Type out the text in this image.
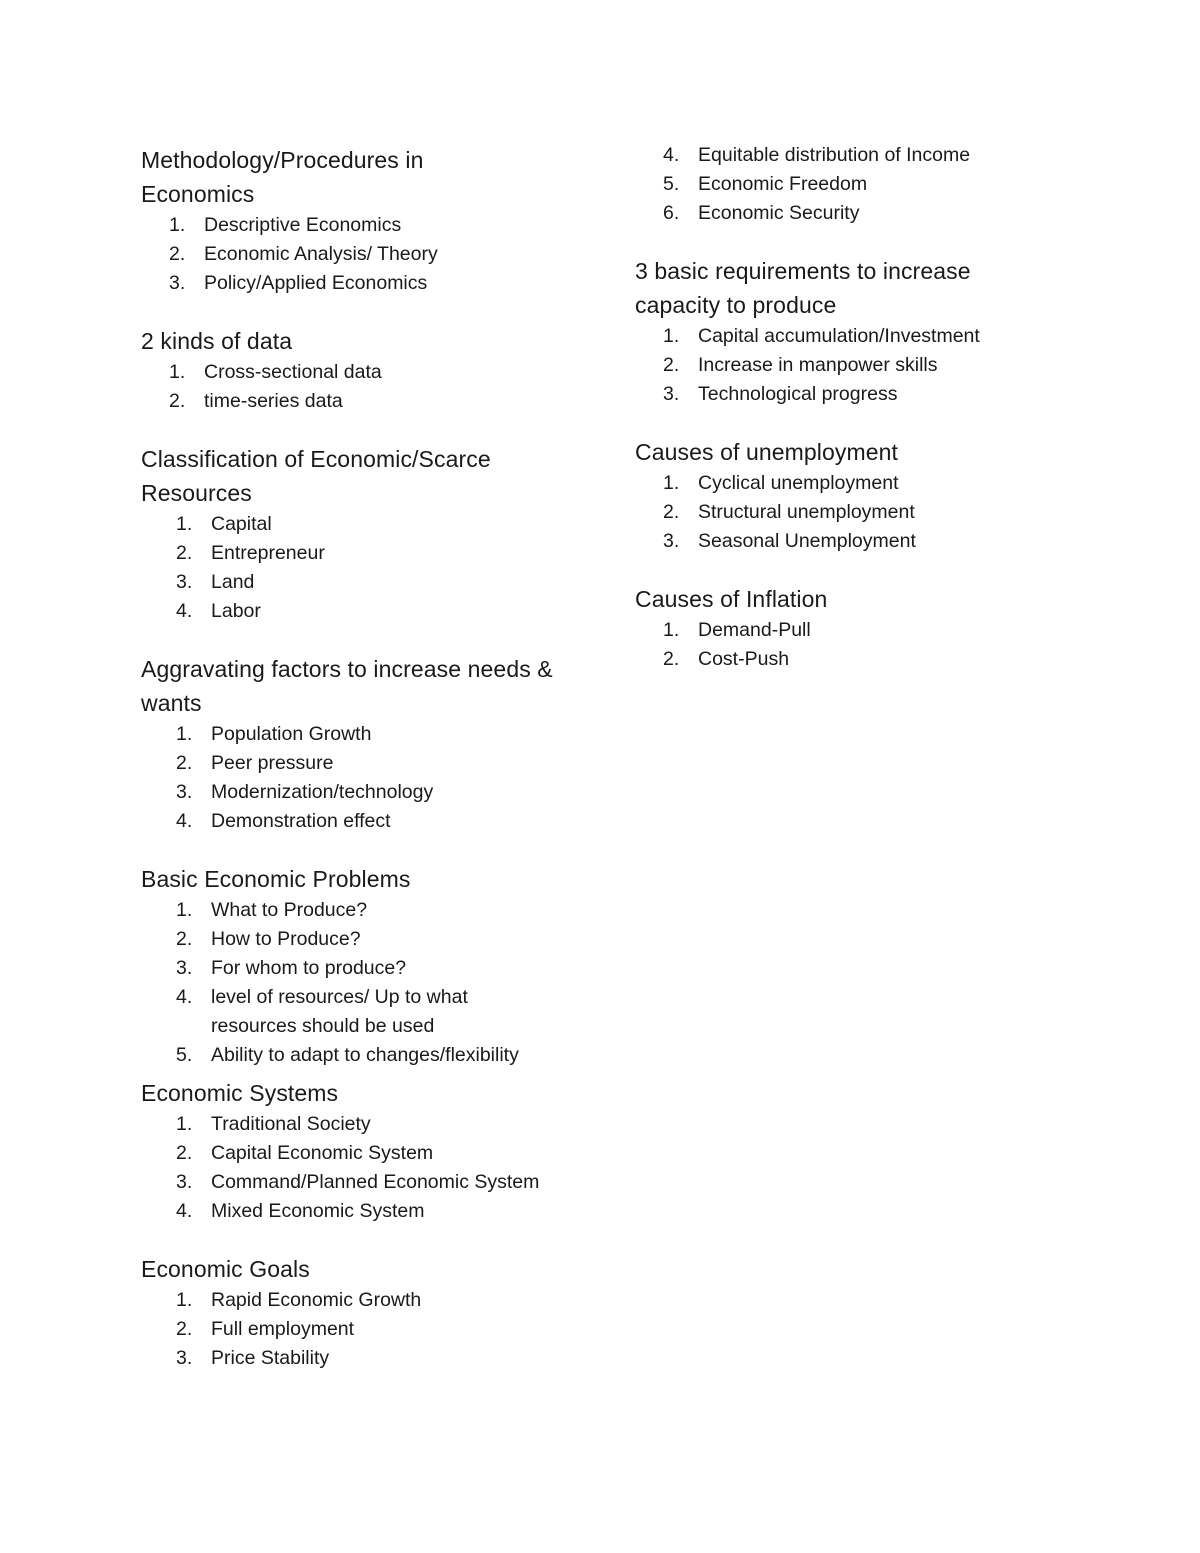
Methodology/Procedures in Economics

1. Descriptive Economics
2. Economic Analysis/ Theory
3. Policy/Applied Economics

2 kinds of data

1. Cross-sectional data
2. time-series data

Classification of Economic/Scarce Resources

1. Capital
2. Entrepreneur
3. Land
4. Labor

Aggravating factors to increase needs & wants

1. Population Growth
2. Peer pressure
3. Modernization/technology
4. Demonstration effect

Basic Economic Problems

1. What to Produce?
2. How to Produce?
3. For whom to produce?
4. level of resources/ Up to what resources should be used
5. Ability to adapt to changes/flexibility

Economic Systems

1. Traditional Society
2. Capital Economic System
3. Command/Planned Economic System
4. Mixed Economic System

Economic Goals

1. Rapid Economic Growth
2. Full employment
3. Price Stability
4. Equitable distribution of Income
5. Economic Freedom
6. Economic Security

3 basic requirements to increase capacity to produce

1. Capital accumulation/Investment
2. Increase in manpower skills
3. Technological progress

Causes of unemployment

1. Cyclical unemployment
2. Structural unemployment
3. Seasonal Unemployment

Causes of Inflation

1. Demand-Pull
2. Cost-Push
